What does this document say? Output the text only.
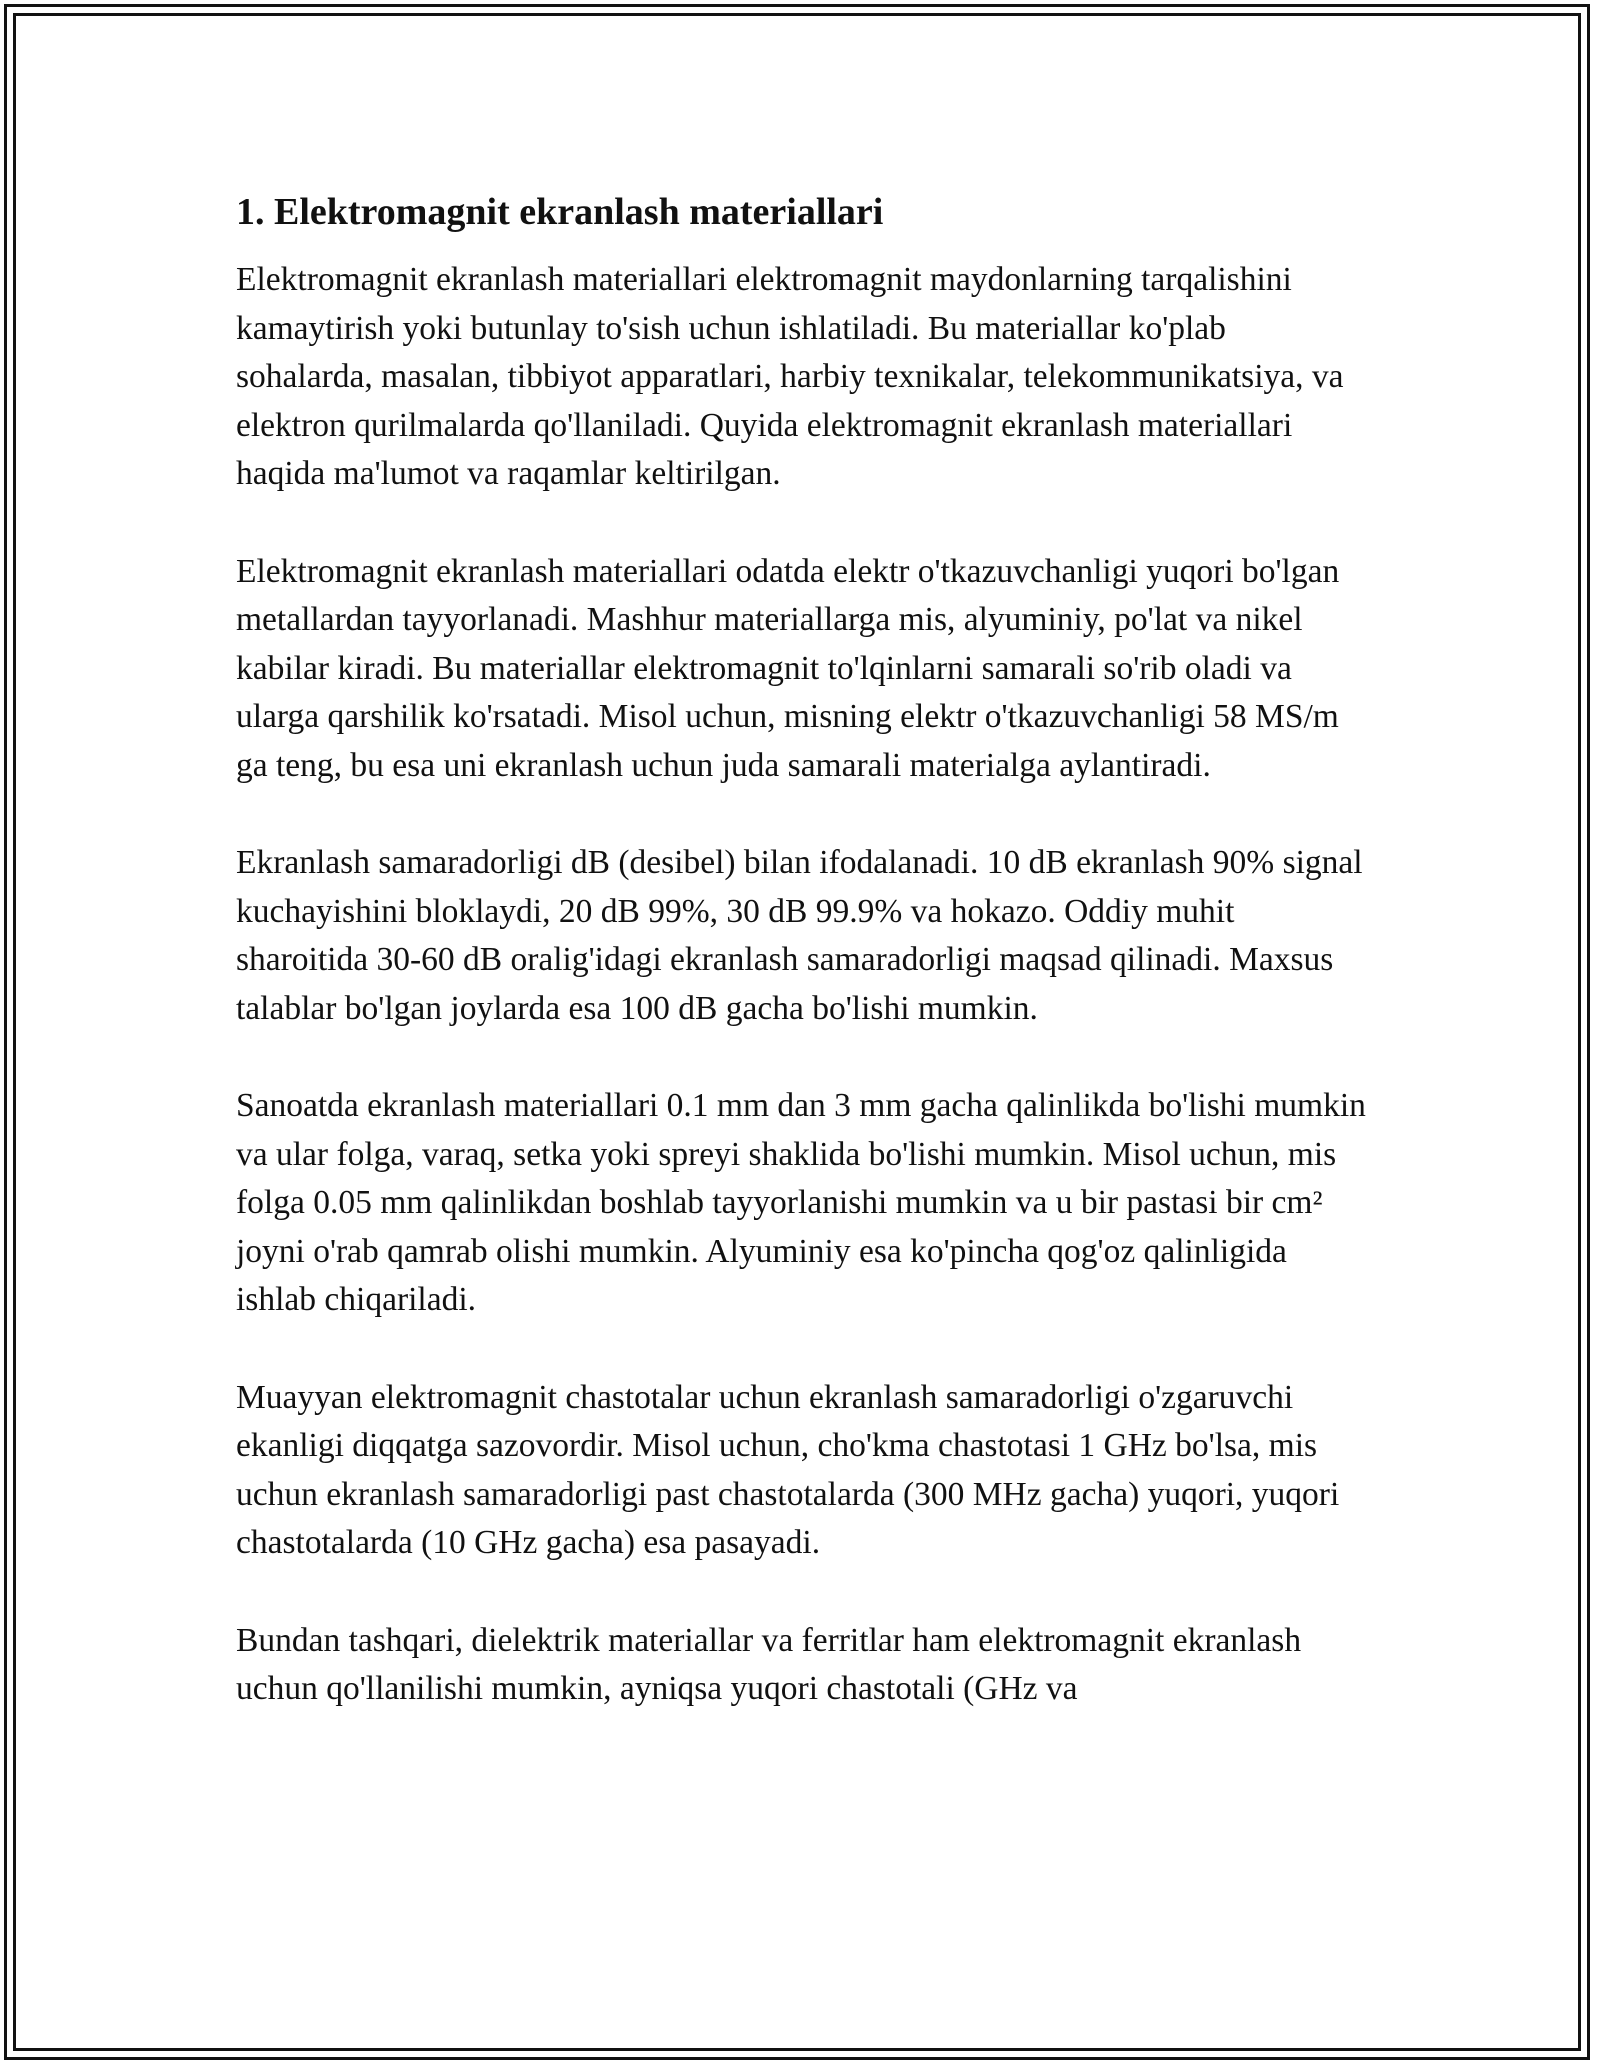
1. Elektromagnit ekranlash materiallari

Elektromagnit ekranlash materiallari elektromagnit maydonlarning tarqalishini kamaytirish yoki butunlay to'sish uchun ishlatiladi. Bu materiallar ko'plab sohalarda, masalan, tibbiyot apparatlari, harbiy texnikalar, telekommunikatsiya, va elektron qurilmalarda qo'llaniladi. Quyida elektromagnit ekranlash materiallari haqida ma'lumot va raqamlar keltirilgan.

Elektromagnit ekranlash materiallari odatda elektr o'tkazuvchanligi yuqori bo'lgan metallardan tayyorlanadi. Mashhur materiallarga mis, alyuminiy, po'lat va nikel kabilar kiradi. Bu materiallar elektromagnit to'lqinlarni samarali so'rib oladi va ularga qarshilik ko'rsatadi. Misol uchun, misning elektr o'tkazuvchanligi 58 MS/m ga teng, bu esa uni ekranlash uchun juda samarali materialga aylantiradi.

Ekranlash samaradorligi dB (desibel) bilan ifodalanadi. 10 dB ekranlash 90% signal kuchayishini bloklaydi, 20 dB 99%, 30 dB 99.9% va hokazo. Oddiy muhit sharoitida 30-60 dB oralig'idagi ekranlash samaradorligi maqsad qilinadi. Maxsus talablar bo'lgan joylarda esa 100 dB gacha bo'lishi mumkin.

Sanoatda ekranlash materiallari 0.1 mm dan 3 mm gacha qalinlikda bo'lishi mumkin va ular folga, varaq, setka yoki spreyi shaklida bo'lishi mumkin. Misol uchun, mis folga 0.05 mm qalinlikdan boshlab tayyorlanishi mumkin va u bir pastasi bir cm² joyni o'rab qamrab olishi mumkin. Alyuminiy esa ko'pincha qog'oz qalinligida ishlab chiqariladi.

Muayyan elektromagnit chastotalar uchun ekranlash samaradorligi o'zgaruvchi ekanligi diqqatga sazovordir. Misol uchun, cho'kma chastotasi 1 GHz bo'lsa, mis uchun ekranlash samaradorligi past chastotalarda (300 MHz gacha) yuqori, yuqori chastotalarda (10 GHz gacha) esa pasayadi.

Bundan tashqari, dielektrik materiallar va ferritlar ham elektromagnit ekranlash uchun qo'llanilishi mumkin, ayniqsa yuqori chastotali (GHz va
